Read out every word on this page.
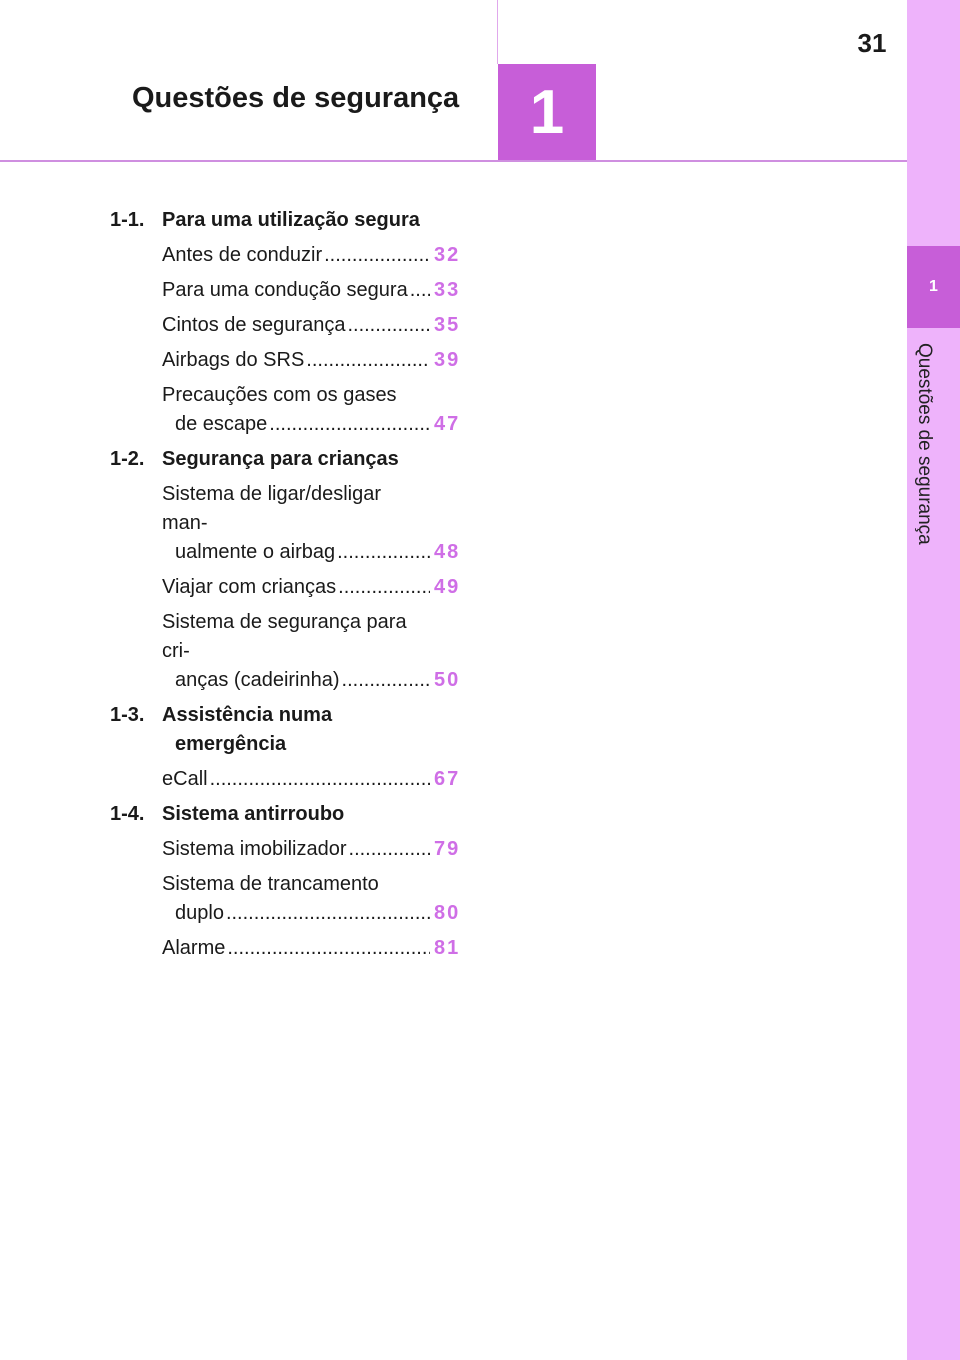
31
Questões de segurança	1
1
Questões de segurança
1-1. Para uma utilização segura
Antes de conduzir .....	32
Para uma condução segura ..... 33
Cintos de segurança .....	35
Airbags do SRS .....	39
Precauções com os gases
de escape .....	47
1-2. Segurança para crianças
Sistema de ligar/desligar man-
ualmente o airbag .....	48
Viajar com crianças .....	49
Sistema de segurança para cri-
anças (cadeirinha) .....	50
1-3. Assistência numa
emergência
eCall .....	67
1-4. Sistema antirroubo
Sistema imobilizador .....	79
Sistema de trancamento
duplo .....	80
Alarme .....	81
